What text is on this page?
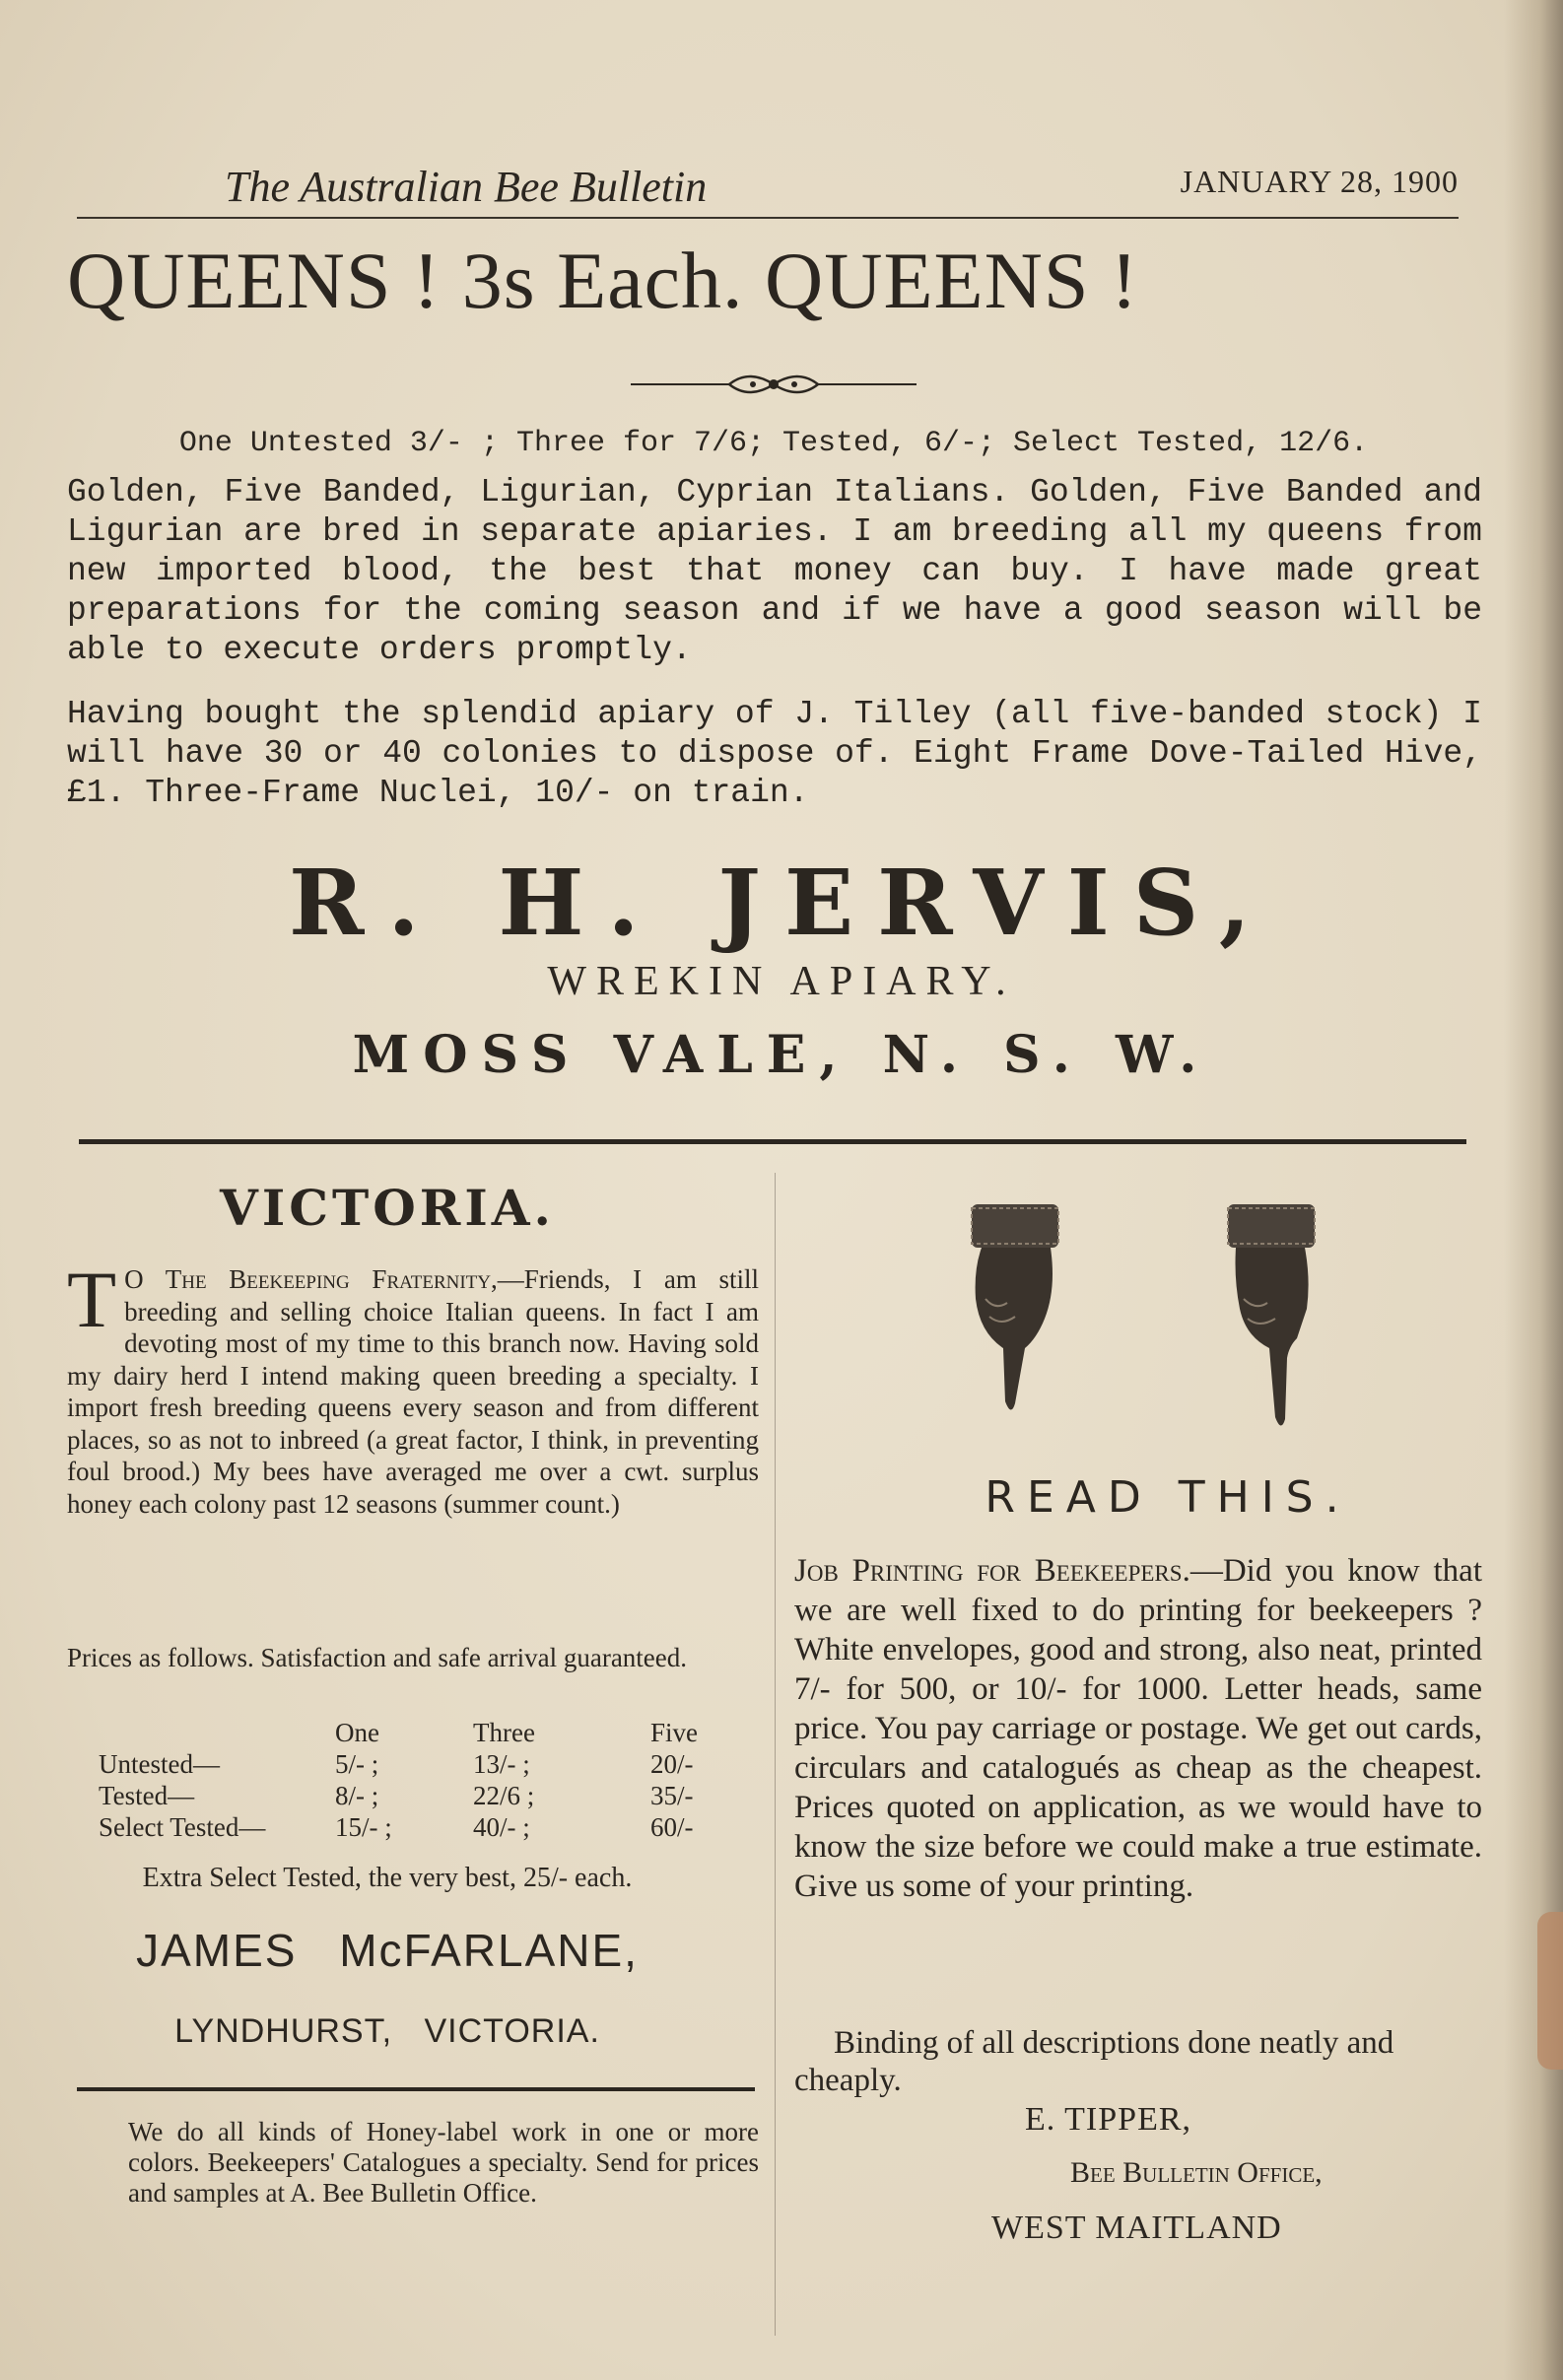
The Australian Bee Bulletin	JANUARY 28, 1900
QUEENS ! 3s Each. QUEENS !
One Untested 3/- ; Three for 7/6; Tested, 6/-; Select Tested, 12/6.
Golden, Five Banded, Ligurian, Cyprian Italians. Golden, Five Banded and Ligurian are bred in separate apiaries. I am breeding all my queens from new imported blood, the best that money can buy. I have made great preparations for the coming season and if we have a good season will be able to execute orders promptly.
Having bought the splendid apiary of J. Tilley (all five-banded stock) I will have 30 or 40 colonies to dispose of. Eight Frame Dove-Tailed Hive, £1. Three-Frame Nuclei, 10/- on train.
R. H. JERVIS,
WREKIN APIARY.
MOSS VALE, N. S. W.
VICTORIA.
T O The Beekeeping Fraternity,—Friends, I am still breeding and selling choice Italian queens. In fact I am devoting most of my time to this branch now. Having sold my dairy herd I intend making queen breeding a specialty. I import fresh breeding queens every season and from different places, so as not to inbreed (a great factor, I think, in preventing foul brood.) My bees have averaged me over a cwt. surplus honey each colony past 12 seasons (summer count.)
Prices as follows. Satisfaction and safe arrival guaranteed.
One	Three	Five
Untested—	5/- ;	13/- ;	20/-
Tested—	8/- ;	22/6 ;	35/-
Select Tested—	15/- ;	40/- ;	60/-
Extra Select Tested, the very best, 25/- each.
JAMES McFARLANE,
LYNDHURST, VICTORIA.
We do all kinds of Honey-label work in one or more colors. Beekeepers' Catalogues a specialty. Send for prices and samples at A. Bee Bulletin Office.
READ THIS.
Job Printing for Beekeepers.—Did you know that we are well fixed to do printing for beekeepers ? White envelopes, good and strong, also neat, printed 7/- for 500, or 10/- for 1000. Letter heads, same price. You pay carriage or postage. We get out cards, circulars and catalogués as cheap as the cheapest. Prices quoted on application, as we would have to know the size before we could make a true estimate. Give us some of your printing.
Binding of all descriptions done neatly and cheaply.
E. TIPPER,
Bee Bulletin Office,
WEST MAITLAND
